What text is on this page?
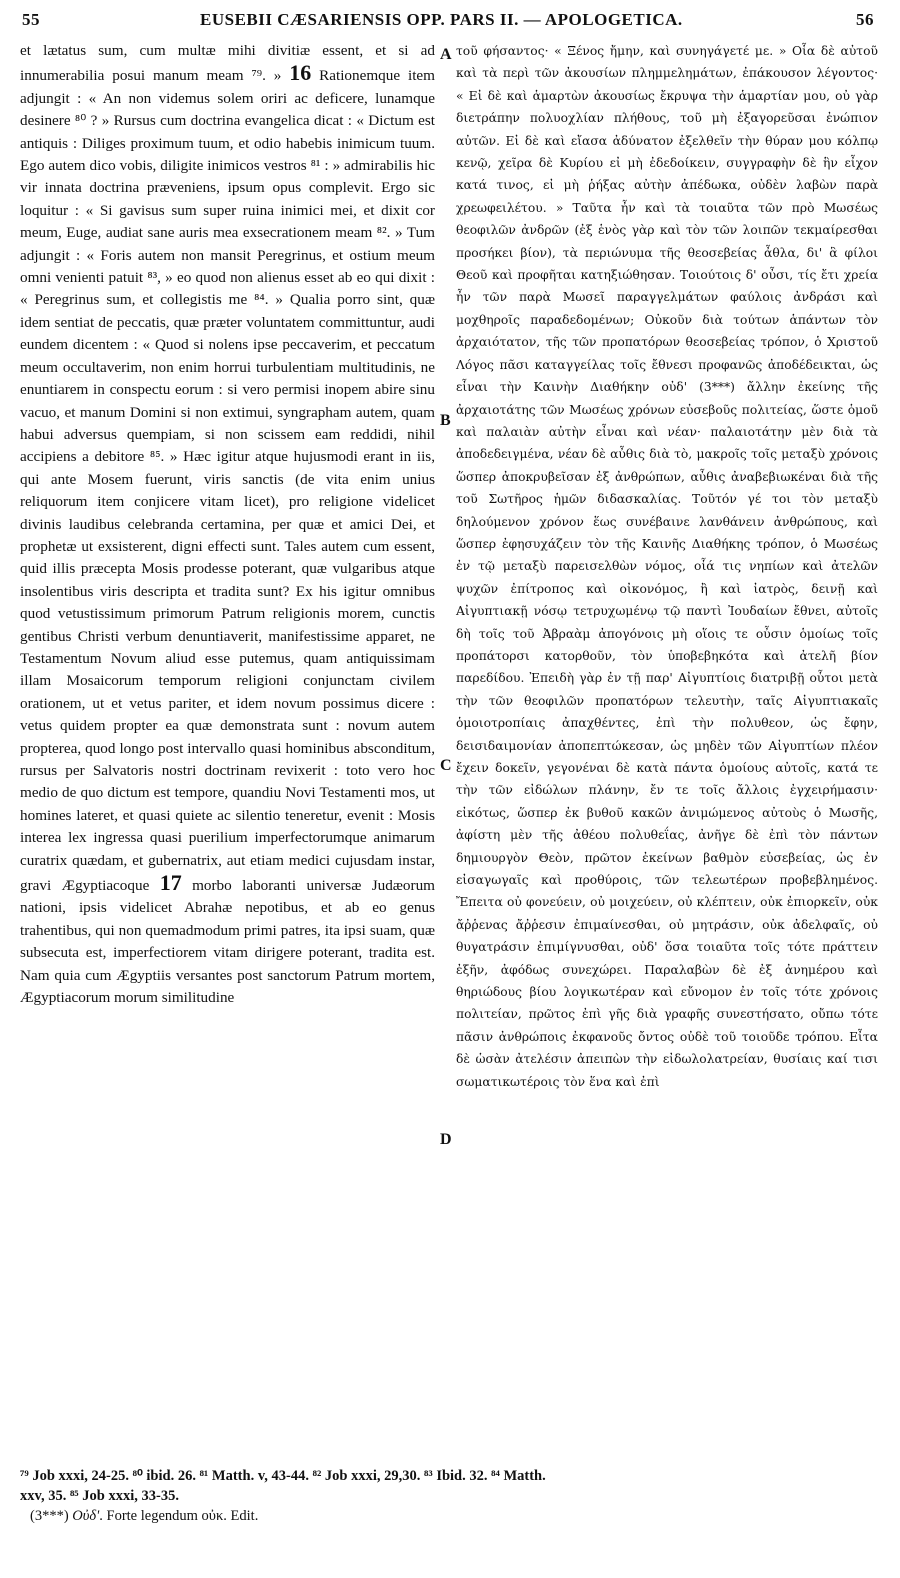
55	EUSEBII CÆSARIENSIS OPP. PARS II. — APOLOGETICA.	56

et lætatus sum, cum multæ mihi divitiæ essent, et si ad innumerabilia posui manum meam ⁷⁹. » 16 Rationemque item adjungit : « An non videmus solem oriri ac deficere, lunamque desinere ⁸⁰ ? » Rursus cum doctrina evangelica dicat : « Dictum est antiquis : Diliges proximum tuum, et odio habebis inimicum tuum. Ego autem dico vobis, diligite inimicos vestros ⁸¹ : » admirabilis hic vir innata doctrina præveniens, ipsum opus complevit. Ergo sic loquitur : « Si gavisus sum super ruina inimici mei, et dixit cor meum, Euge, audiat sane auris mea exsecrationem meam ⁸². » Tum adjungit : « Foris autem non mansit Peregrinus, et ostium meum omni venienti patuit ⁸³, » eo quod non alienus esset ab eo qui dixit : « Peregrinus sum, et collegistis me ⁸⁴. » Qualia porro sint, quæ idem sentiat de peccatis, quæ præter voluntatem committuntur, audi eundem dicentem : « Quod si nolens ipse peccaverim, et peccatum meum occultaverim, non enim horrui turbulentiam multitudinis, ne enuntiarem in conspectu eorum : si vero permisi inopem abire sinu vacuo, et manum Domini si non extimui, syngrapham autem, quam habui adversus quempiam, si non scissem eam reddidi, nihil accipiens a debitore ⁸⁵. » Hæc igitur atque hujusmodi erant in iis, qui ante Mosem fuerunt, viris sanctis (de vita enim unius reliquorum item conjicere vitam licet), pro religione videlicet divinis laudibus celebranda certamina, per quæ et amici Dei, et prophetæ ut exsisterent, digni effecti sunt. Tales autem cum essent, quid illis præcepta Mosis prodesse poterant, quæ vulgaribus atque insolentibus viris descripta et tradita sunt? Ex his igitur omnibus quod vetustissimum primorum Patrum religionis morem, cunctis gentibus Christi verbum denuntiaverit, manifestissime apparet, ne Testamentum Novum aliud esse putemus, quam antiquissimam illam Mosaicorum temporum religioni conjunctam civilem orationem, ut et vetus pariter, et idem novum possimus dicere : vetus quidem propter ea quæ demonstrata sunt : novum autem propterea, quod longo post intervallo quasi hominibus absconditum, rursus per Salvatoris nostri doctrinam revixerit : toto vero hoc medio de quo dictum est tempore, quandiu Novi Testamenti mos, ut homines lateret, et quasi quiete ac silentio teneretur, evenit : Mosis interea lex ingressa quasi puerilium imperfectorumque animarum curatrix quædam, et gubernatrix, aut etiam medici cujusdam instar, gravi Ægyptiacoque 17 morbo laboranti universæ Judæorum nationi, ipsis videlicet Abrahæ nepotibus, et ab eo genus trahentibus, qui non quemadmodum primi patres, ita ipsi suam, quæ subsecuta est, imperfectiorem vitam dirigere poterant, tradita est. Nam quia cum Ægyptiis versantes post sanctorum Patrum mortem, Ægyptiacorum morum similitudine

A
B
C
D

τοῦ φήσαντος· « Ξένος ἤμην, καὶ συνηγάγετέ με. » Οἷα δὲ αὐτοῦ καὶ τὰ περὶ τῶν ἀκουσίων πλημμελημάτων, ἐπάκουσον λέγοντος· « Εἰ δὲ καὶ ἁμαρτὼν ἀκουσίως ἔκρυψα τὴν ἁμαρτίαν μου, οὐ γὰρ διετράπην πολυοχλίαν πλήθους, τοῦ μὴ ἐξαγορεῦσαι ἐνώπιον αὐτῶν. Εἰ δὲ καὶ εἴασα ἀδύνατον ἐξελθεῖν τὴν θύραν μου κόλπῳ κενῷ, χεῖρα δὲ Κυρίου εἰ μὴ ἐδεδοίκειν, συγγραφὴν δὲ ἣν εἶχον κατά τινος, εἰ μὴ ῥήξας αὐτὴν ἀπέδωκα, οὐδὲν λαβὼν παρὰ χρεωφειλέτου. » Ταῦτα ἦν καὶ τὰ τοιαῦτα τῶν πρὸ Μωσέως θεοφιλῶν ἀνδρῶν (ἐξ ἑνὸς γὰρ καὶ τὸν τῶν λοιπῶν τεκμαίρεσθαι προσήκει βίον), τὰ περιώνυμα τῆς θεοσεβείας ἆθλα, δι' ἃ φίλοι Θεοῦ καὶ προφῆται κατηξιώθησαν. Τοιούτοις δ' οὖσι, τίς ἔτι χρεία ἦν τῶν παρὰ Μωσεῖ παραγγελμάτων φαύλοις ἀνδράσι καὶ μοχθηροῖς παραδεδομένων; Οὐκοῦν διὰ τούτων ἁπάντων τὸν ἀρχαιότατον, τῆς τῶν προπατόρων θεοσεβείας τρόπον, ὁ Χριστοῦ Λόγος πᾶσι καταγγείλας τοῖς ἔθνεσι προφανῶς ἀποδέδεικται, ὡς εἶναι τὴν Καινὴν Διαθήκην οὐδ' (3***) ἄλλην ἐκείνης τῆς ἀρχαιοτάτης τῶν Μωσέως χρόνων εὐσεβοῦς πολιτείας, ὥστε ὁμοῦ καὶ παλαιὰν αὐτὴν εἶναι καὶ νέαν· παλαιοτάτην μὲν διὰ τὰ ἀποδεδειγμένα, νέαν δὲ αὖθις διὰ τὸ, μακροῖς τοῖς μεταξὺ χρόνοις ὥσπερ ἀποκρυβεῖσαν ἐξ ἀνθρώπων, αὖθις ἀναβεβιωκέναι διὰ τῆς τοῦ Σωτῆρος ἡμῶν διδασκαλίας. Τοῦτόν γέ τοι τὸν μεταξὺ δηλούμενον χρόνον ἕως συνέβαινε λανθάνειν ἀνθρώπους, καὶ ὥσπερ ἐφησυχάζειν τὸν τῆς Καινῆς Διαθήκης τρόπον, ὁ Μωσέως ἐν τῷ μεταξὺ παρεισελθὼν νόμος, οἷά τις νηπίων καὶ ἀτελῶν ψυχῶν ἐπίτροπος καὶ οἰκονόμος, ἢ καὶ ἰατρὸς, δεινῇ καὶ Αἰγυπτιακῇ νόσῳ τετρυχωμένῳ τῷ παντὶ Ἰουδαίων ἔθνει, αὐτοῖς δὴ τοῖς τοῦ Ἀβραὰμ ἀπογόνοις μὴ οἵοις τε οὖσιν ὁμοίως τοῖς προπάτορσι κατορθοῦν, τὸν ὑποβεβηκότα καὶ ἀτελῆ βίον παρεδίδου. Ἐπειδὴ γὰρ ἐν τῇ παρ' Αἰγυπτίοις διατριβῇ οὗτοι μετὰ τὴν τῶν θεοφιλῶν προπατόρων τελευτὴν, ταῖς Αἰγυπτιακαῖς ὁμοιοτροπίαις ἀπαχθέντες, ἐπὶ τὴν πολυθεον, ὡς ἔφην, δεισιδαιμονίαν ἀποπεπτώκεσαν, ὡς μηδὲν τῶν Αἰγυπτίων πλέον ἔχειν δοκεῖν, γεγονέναι δὲ κατὰ πάντα ὁμοίους αὐτοῖς, κατά τε τὴν τῶν εἰδώλων πλάνην, ἔν τε τοῖς ἄλλοις ἐγχειρήμασιν· εἰκότως, ὥσπερ ἐκ βυθοῦ κακῶν ἀνιμώμενος αὐτοὺς ὁ Μωσῆς, ἀφίστη μὲν τῆς ἀθέου πολυθεΐας, ἀνῆγε δὲ ἐπὶ τὸν πάντων δημιουργὸν Θεὸν, πρῶτον ἐκείνων βαθμὸν εὐσεβείας, ὡς ἐν εἰσαγωγαῖς καὶ προθύροις, τῶν τελεωτέρων προβεβλημένος. Ἔπειτα οὐ φονεύειν, οὐ μοιχεύειν, οὐ κλέπτειν, οὐκ ἐπιορκεῖν, οὐκ ἄῤῥενας ἄῤῥεσιν ἐπιμαίνεσθαι, οὐ μητράσιν, οὐκ ἀδελφαῖς, οὐ θυγατράσιν ἐπιμίγνυσθαι, οὐδ' ὅσα τοιαῦτα τοῖς τότε πράττειν ἐξῆν, ἀφόδως συνεχώρει. Παραλαβὼν δὲ ἐξ ἀνημέρου καὶ θηριώδους βίου λογικωτέραν καὶ εὔνομον ἐν τοῖς τότε χρόνοις πολιτείαν, πρῶτος ἐπὶ γῆς διὰ γραφῆς συνεστήσατο, οὔπω τότε πᾶσιν ἀνθρώποις ἐκφανοῦς ὄντος οὐδὲ τοῦ τοιοῦδε τρόπου. Εἶτα δὲ ὡσὰν ἀτελέσιν ἀπειπὼν τὴν εἰδωλολατρείαν, θυσίαις καί τισι σωματικωτέροις τὸν ἕνα καὶ ἐπὶ

⁷⁹ Job xxxi, 24-25. ⁸⁰ ibid. 26. ⁸¹ Matth. v, 43-44. ⁸² Job xxxi, 29,30. ⁸³ Ibid. 32. ⁸⁴ Matth.
xxv, 35. ⁸⁵ Job xxxi, 33-35.
(3***) Οὐδ'. Forte legendum οὐκ. Edit.
